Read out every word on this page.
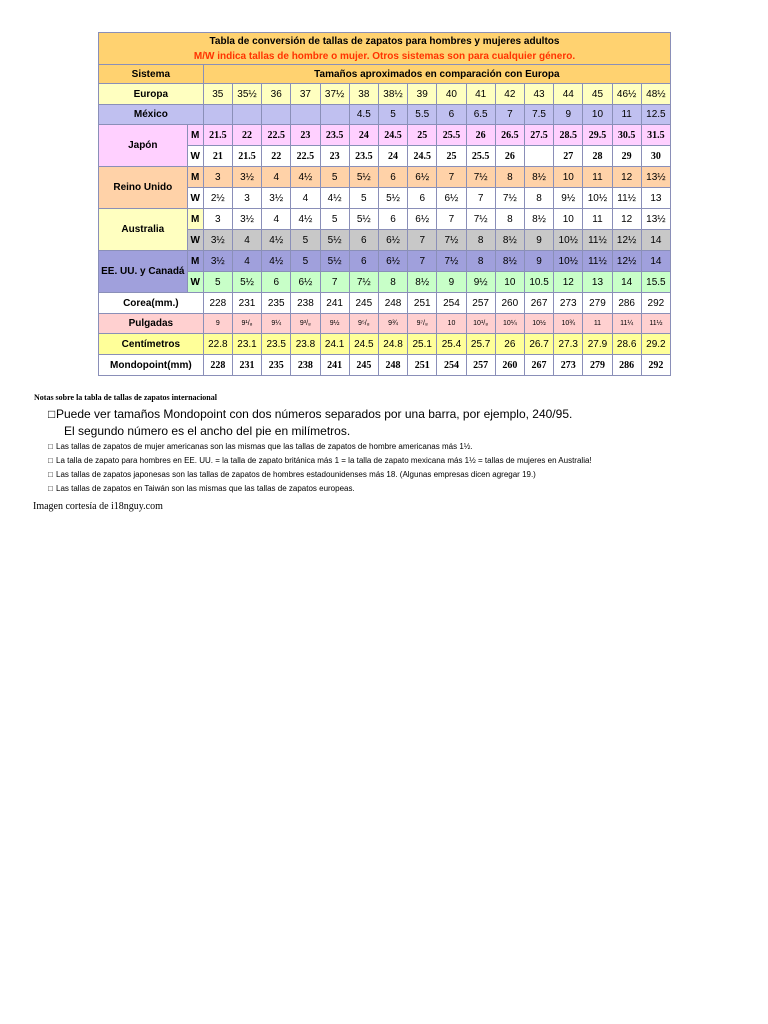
Tabla de conversión de tallas de zapatos para hombres y mujeres adultos
M/W indica tallas de hombre o mujer. Otros sistemas son para cualquier género.																	

Sistema		Tamaños aproximados en comparación con Europa															
Europa		35	35½	36	37	37½	38	38½	39	40	41	42	43	44	45	46½	48½
México							4.5	5	5.5	6	6.5	7	7.5	9	10	11	12.5
Japón	M	21.5	22	22.5	23	23.5	24	24.5	25	25.5	26	26.5	27.5	28.5	29.5	30.5	31.5
	W	21	21.5	22	22.5	23	23.5	24	24.5	25	25.5	26		27	28	29	30
Reino Unido	M	3	3½	4	4½	5	5½	6	6½	7	7½	8	8½	10	11	12	13½
	W	2½	3	3½	4	4½	5	5½	6	6½	7	7½	8	9½	10½	11½	13
Australia	M	3	3½	4	4½	5	5½	6	6½	7	7½	8	8½	10	11	12	13½
	W	3½	4	4½	5	5½	6	6½	7	7½	8	8½	9	10½	11½	12½	14
EE. UU. y Canadá	M	3½	4	4½	5	5½	6	6½	7	7½	8	8½	9	10½	11½	12½	14
	W	5	5½	6	6½	7	7½	8	8½	9	9½	10	10.5	12	13	14	15.5
Corea(mm.)		228	231	235	238	241	245	248	251	254	257	260	267	273	279	286	292
Pulgadas		9	9¹/₈	9¼	9³/₈	9½	9⁵/₈	9¾	9⁷/₈	10	10¹/₈	10¼	10½	10¾	11	11¼	11½
Centímetros		22.8	23.1	23.5	23.8	24.1	24.5	24.8	25.1	25.4	25.7	26	26.7	27.3	27.9	28.6	29.2
Mondopoint(mm)		228	231	235	238	241	245	248	251	254	257	260	267	273	279	286	292
Notas sobre la tabla de tallas de zapatos internacional
□Puede ver tamaños Mondopoint con dos números separados por una barra, por ejemplo, 240/95.
El segundo número es el ancho del pie en milímetros.
□ Las tallas de zapatos de mujer americanas son las mismas que las tallas de zapatos de hombre americanas más 1½.
□ La talla de zapato para hombres en EE. UU. = la talla de zapato británica más 1 = la talla de zapato mexicana más 1½ = tallas de mujeres en Australia!
□ Las tallas de zapatos japonesas son las tallas de zapatos de hombres estadounidenses más 18. (Algunas empresas dicen agregar 19.)
□ Las tallas de zapatos en Taiwán son las mismas que las tallas de zapatos europeas.
Imagen cortesía de i18nguy.com
